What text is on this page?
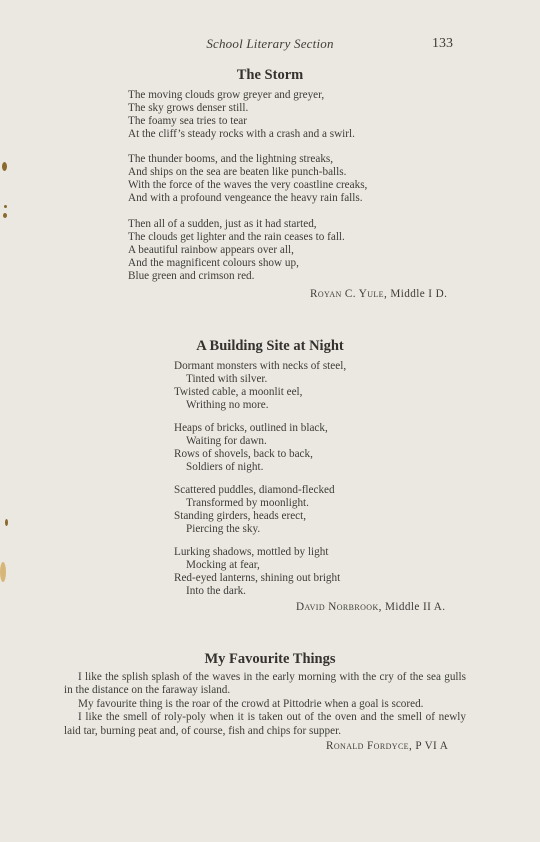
School Literary Section	133
The Storm
The moving clouds grow greyer and greyer,
The sky grows denser still.
The foamy sea tries to tear
At the cliff’s steady rocks with a crash and a swirl.
The thunder booms, and the lightning streaks,
And ships on the sea are beaten like punch-balls.
With the force of the waves the very coastline creaks,
And with a profound vengeance the heavy rain falls.
Then all of a sudden, just as it had started,
The clouds get lighter and the rain ceases to fall.
A beautiful rainbow appears over all,
And the magnificent colours show up,
Blue green and crimson red.
Royan C. Yule, Middle I D.
A Building Site at Night
Dormant monsters with necks of steel,
Tinted with silver.
Twisted cable, a moonlit eel,
Writhing no more.
Heaps of bricks, outlined in black,
Waiting for dawn.
Rows of shovels, back to back,
Soldiers of night.
Scattered puddles, diamond-flecked
Transformed by moonlight.
Standing girders, heads erect,
Piercing the sky.
Lurking shadows, mottled by light
Mocking at fear,
Red-eyed lanterns, shining out bright
Into the dark.
David Norbrook, Middle II A.
My Favourite Things

I like the splish splash of the waves in the early morning with the cry of the sea gulls in the distance on the faraway island.

My favourite thing is the roar of the crowd at Pittodrie when a goal is scored.

I like the smell of roly-poly when it is taken out of the oven and the smell of newly laid tar, burning peat and, of course, fish and chips for supper.

Ronald Fordyce, P VI A
